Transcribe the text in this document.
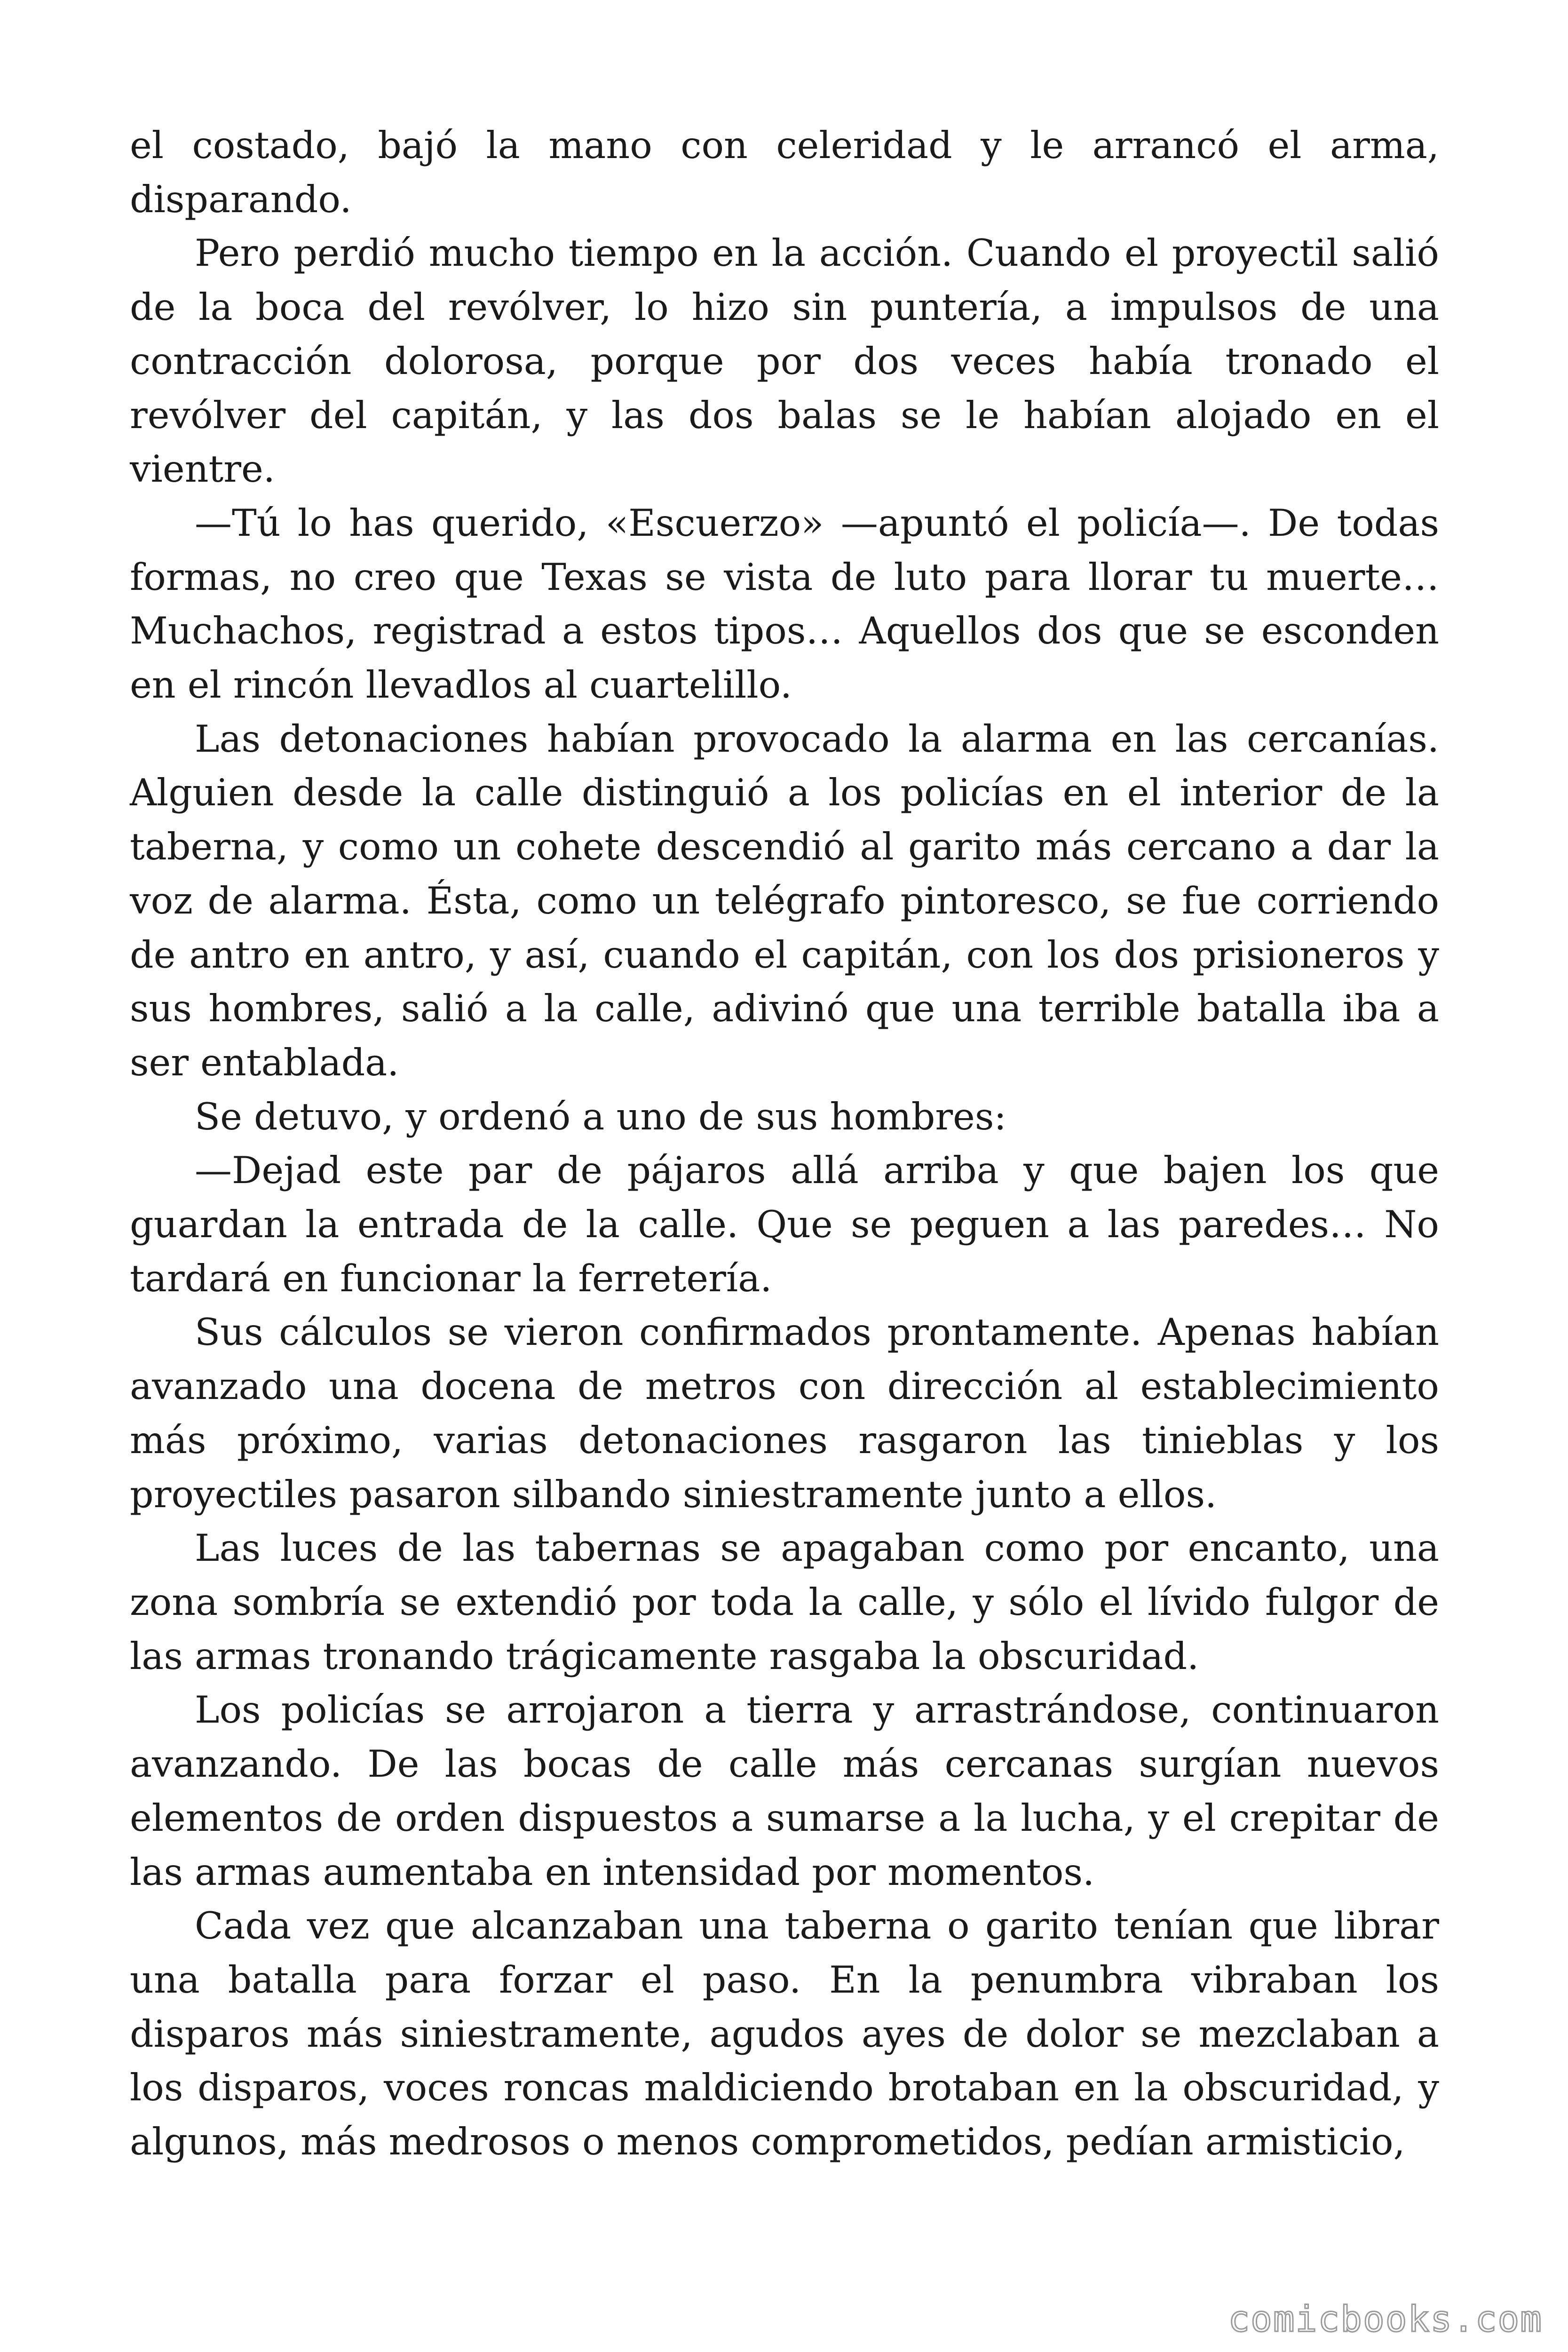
el costado, bajó la mano con celeridad y le arrancó el arma, disparando.

Pero perdió mucho tiempo en la acción. Cuando el proyectil salió de la boca del revólver, lo hizo sin puntería, a impulsos de una contracción dolorosa, porque por dos veces había tronado el revólver del capitán, y las dos balas se le habían alojado en el vientre.

—Tú lo has querido, «Escuerzo» —apuntó el policía—. De todas formas, no creo que Texas se vista de luto para llorar tu muerte… Muchachos, registrad a estos tipos… Aquellos dos que se esconden en el rincón llevadlos al cuartelillo.

Las detonaciones habían provocado la alarma en las cercanías. Alguien desde la calle distinguió a los policías en el interior de la taberna, y como un cohete descendió al garito más cercano a dar la voz de alarma. Ésta, como un telégrafo pintoresco, se fue corriendo de antro en antro, y así, cuando el capitán, con los dos prisioneros y sus hombres, salió a la calle, adivinó que una terrible batalla iba a ser entablada.

Se detuvo, y ordenó a uno de sus hombres:

—Dejad este par de pájaros allá arriba y que bajen los que guardan la entrada de la calle. Que se peguen a las paredes… No tardará en funcionar la ferretería.

Sus cálculos se vieron confirmados prontamente. Apenas habían avanzado una docena de metros con dirección al establecimiento más próximo, varias detonaciones rasgaron las tinieblas y los proyectiles pasaron silbando siniestramente junto a ellos.

Las luces de las tabernas se apagaban como por encanto, una zona sombría se extendió por toda la calle, y sólo el lívido fulgor de las armas tronando trágicamente rasgaba la obscuridad.

Los policías se arrojaron a tierra y arrastrándose, continuaron avanzando. De las bocas de calle más cercanas surgían nuevos elementos de orden dispuestos a sumarse a la lucha, y el crepitar de las armas aumentaba en intensidad por momentos.

Cada vez que alcanzaban una taberna o garito tenían que librar una batalla para forzar el paso. En la penumbra vibraban los disparos más siniestramente, agudos ayes de dolor se mezclaban a los disparos, voces roncas maldiciendo brotaban en la obscuridad, y algunos, más medrosos o menos comprometidos, pedían armisticio,

comicbooks.com
